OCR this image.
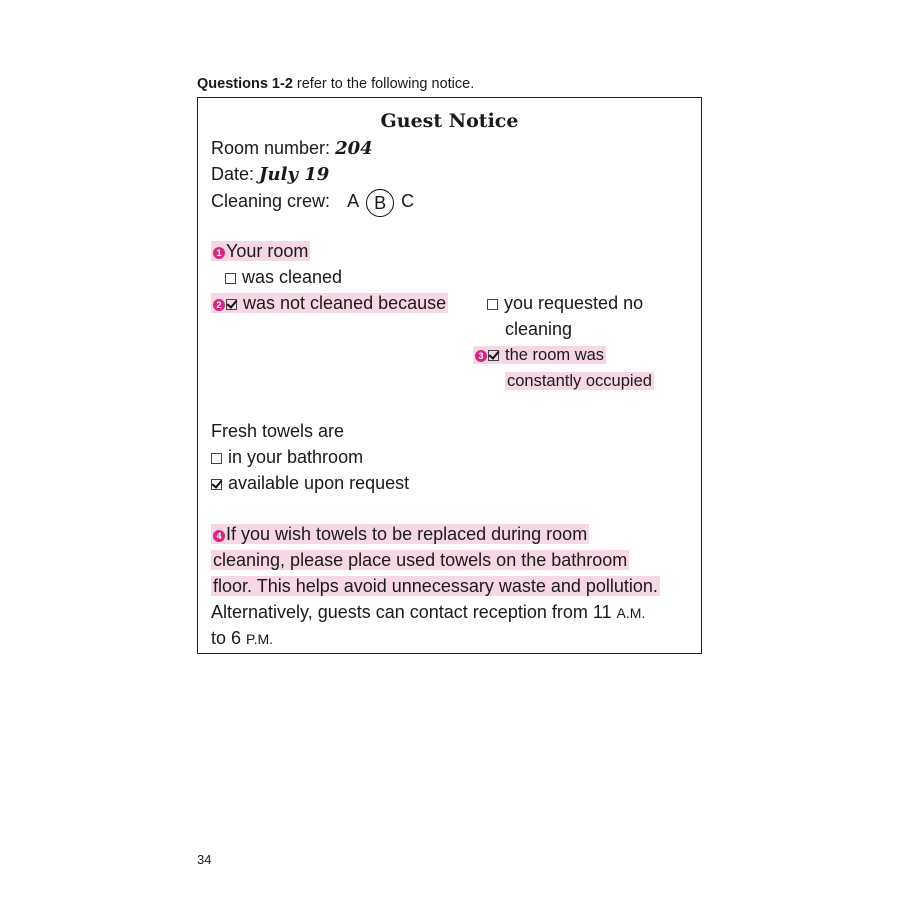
Questions 1-2 refer to the following notice.
Guest Notice
Room number: 204
Date: July 19
Cleaning crew: A B C
1 Your room
was cleaned
2 was not cleaned because	you requested no
cleaning
3 the room was
constantly occupied
Fresh towels are
in your bathroom
available upon request
4 If you wish towels to be replaced during room
cleaning, please place used towels on the bathroom
floor. This helps avoid unnecessary waste and pollution.
Alternatively, guests can contact reception from 11 A.M.
to 6 P.M.
34
